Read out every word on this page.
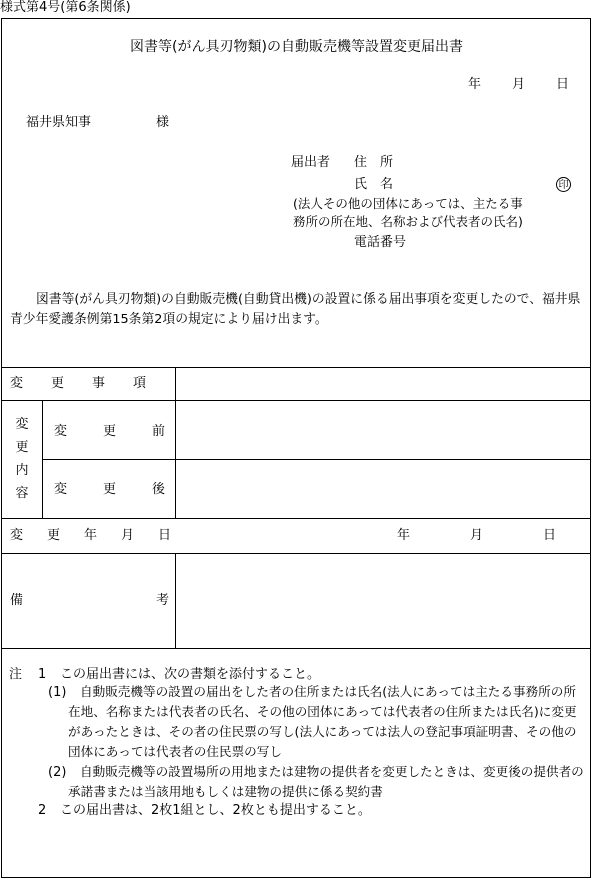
様式第4号(第6条関係)
図書等(がん具刃物類)の自動販売機等設置変更届出書
年 月 日
福井県知事	様
届出者 住　所
氏　名	印
(法人その他の団体にあっては、主たる事
務所の所在地、名称および代表者の氏名)
電話番号
図書等(がん具刃物類)の自動販売機(自動貸出機)の設置に係る届出事項を変更したので、福井県青少年愛護条例第15条第2項の規定により届け出ます。
変更事項
変
更
内
容
変更前
変更後
変更年月日	年	月	日
備	考
注 1 この届出書には、次の書類を添付すること。
(1)	自動販売機等の設置の届出をした者の住所または氏名(法人にあっては主たる事務所の所在地、名称または代表者の氏名、その他の団体にあっては代表者の住所または氏名)に変更があったときは、その者の住民票の写し(法人にあっては法人の登記事項証明書、その他の団体にあっては代表者の住民票の写し
(2)	自動販売機等の設置場所の用地または建物の提供者を変更したときは、変更後の提供者の承諾書または当該用地もしくは建物の提供に係る契約書
2 この届出書は、2枚1組とし、2枚とも提出すること。
